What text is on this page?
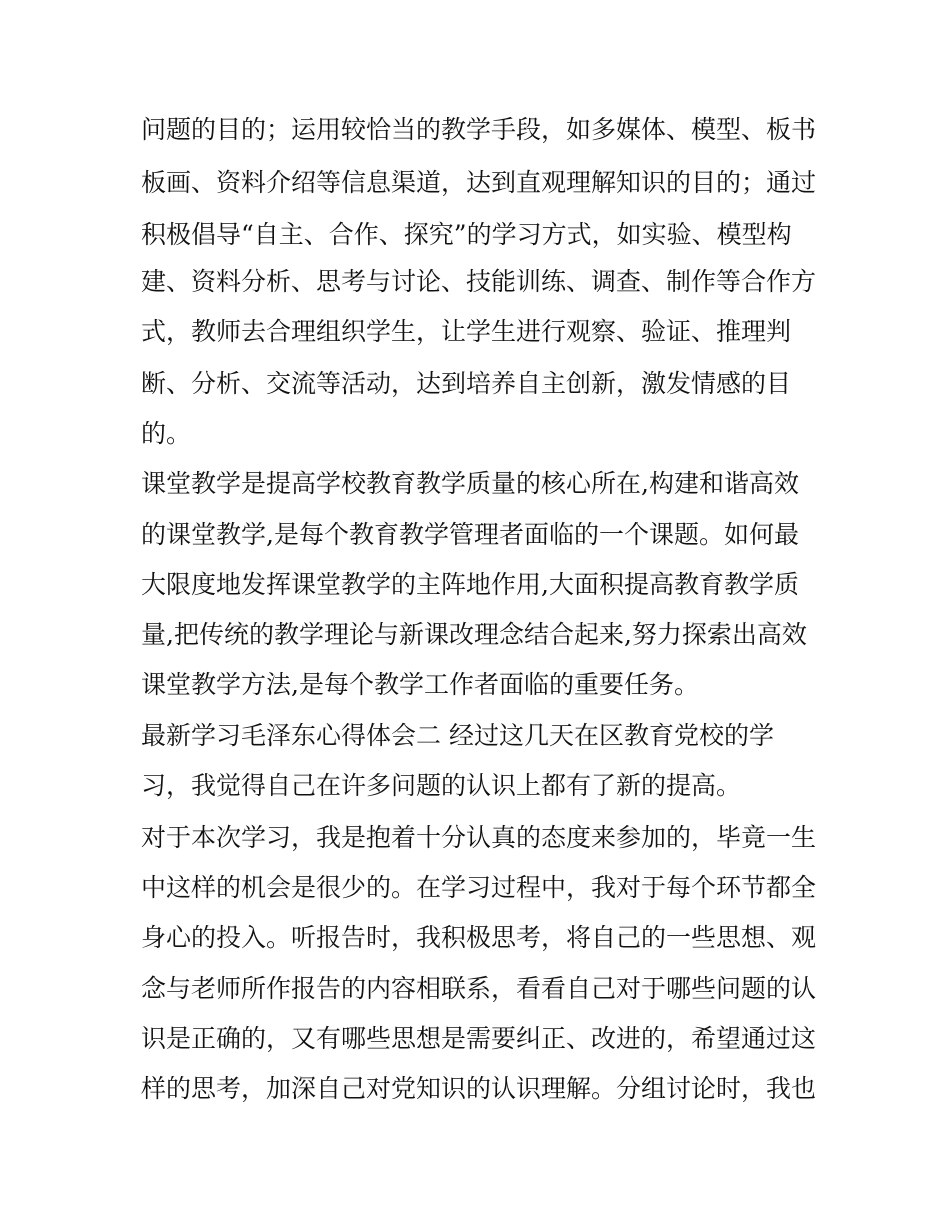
问题的目的；运用较恰当的教学手段，如多媒体、模型、板书
板画、资料介绍等信息渠道，达到直观理解知识的目的；通过
积极倡导“自主、合作、探究”的学习方式，如实验、模型构
建、资料分析、思考与讨论、技能训练、调查、制作等合作方
式，教师去合理组织学生，让学生进行观察、验证、推理判
断、分析、交流等活动，达到培养自主创新，激发情感的目
的。
课堂教学是提高学校教育教学质量的核心所在,构建和谐高效
的课堂教学,是每个教育教学管理者面临的一个课题。如何最
大限度地发挥课堂教学的主阵地作用,大面积提高教育教学质
量,把传统的教学理论与新课改理念结合起来,努力探索出高效
课堂教学方法,是每个教学工作者面临的重要任务。
最新学习毛泽东心得体会二 经过这几天在区教育党校的学
习，我觉得自己在许多问题的认识上都有了新的提高。
对于本次学习，我是抱着十分认真的态度来参加的，毕竟一生
中这样的机会是很少的。在学习过程中，我对于每个环节都全
身心的投入。听报告时，我积极思考，将自己的一些思想、观
念与老师所作报告的内容相联系，看看自己对于哪些问题的认
识是正确的，又有哪些思想是需要纠正、改进的，希望通过这
样的思考，加深自己对党知识的认识理解。分组讨论时，我也
